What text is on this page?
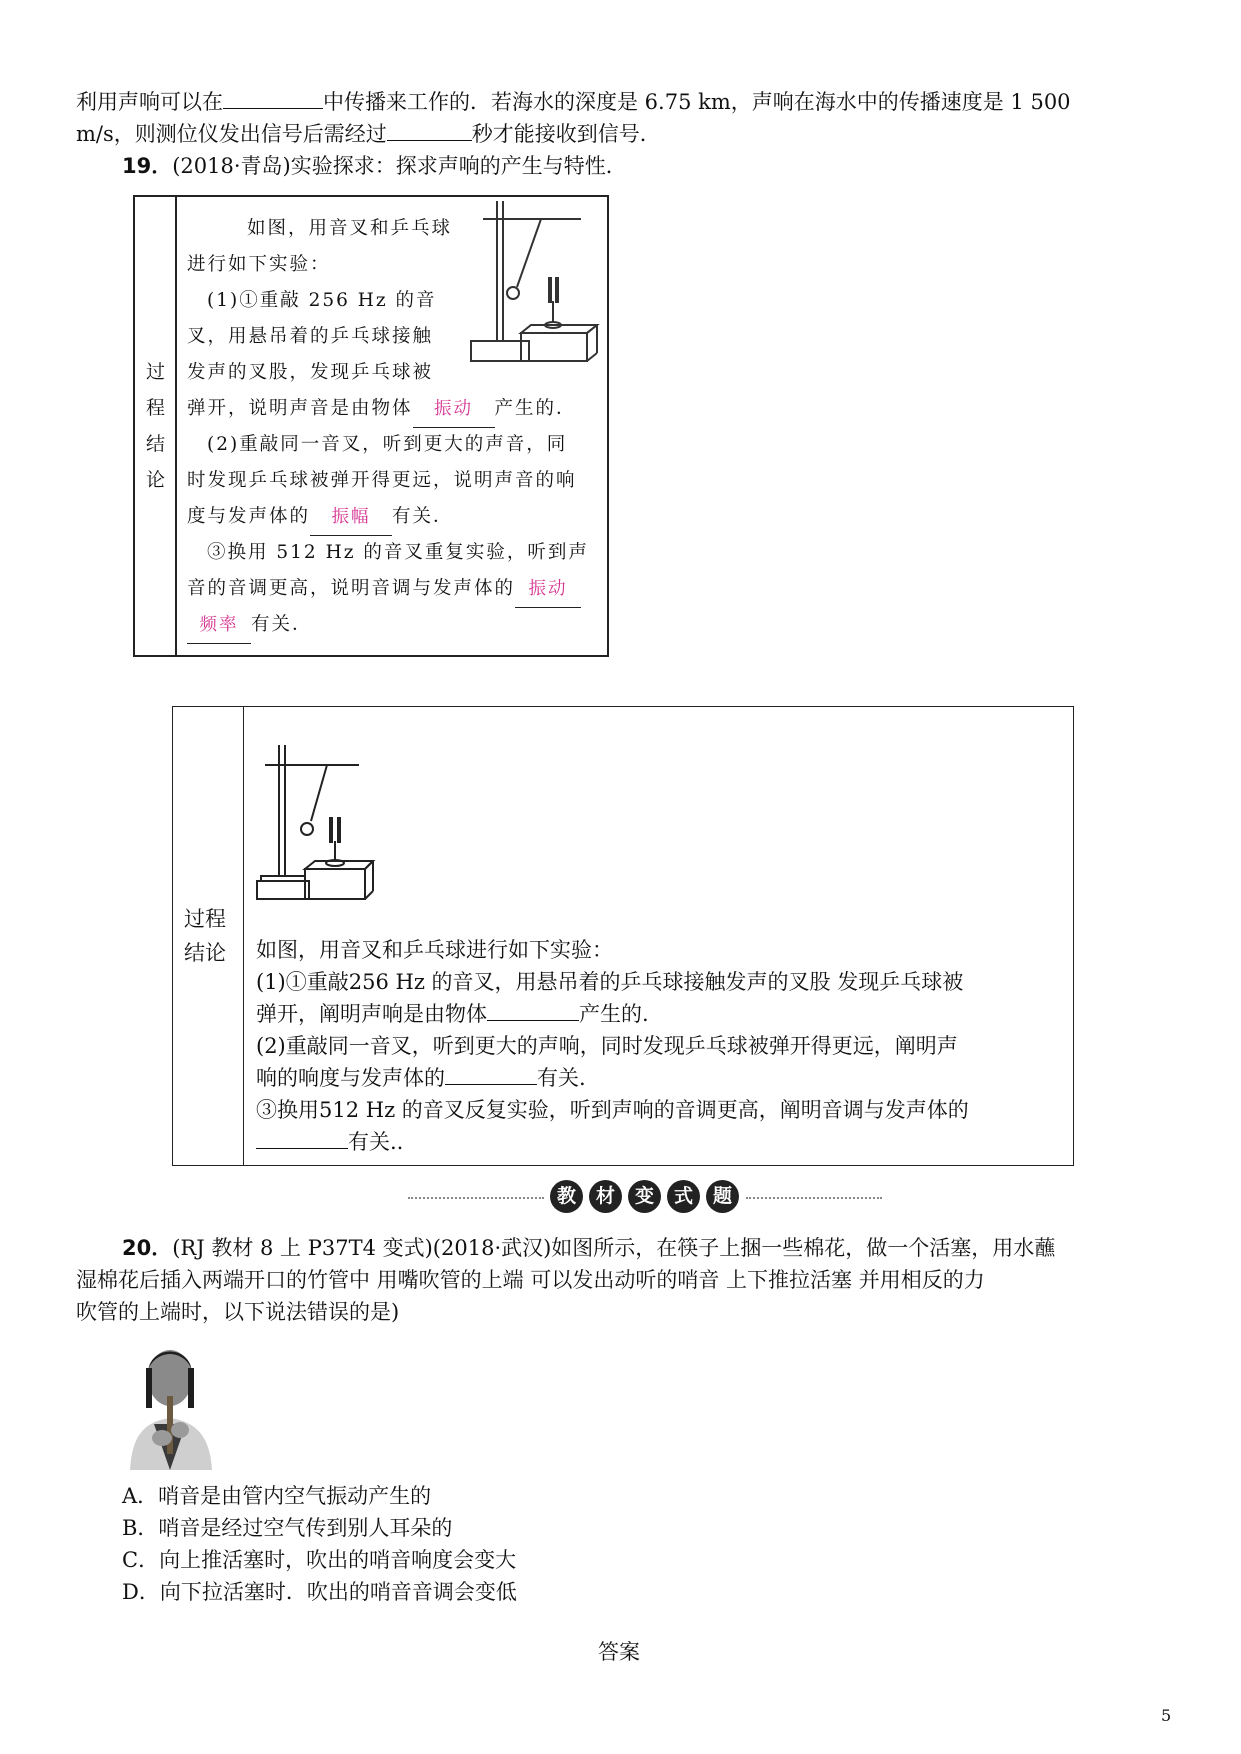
利用声响可以在	中传播来工作的．若海水的深度是 6.75 km，声响在海水中的传播速度是 1 500
m/s，则测位仪发出信号后需经过	秒才能接收到信号．
19．(2018·青岛)实验探求：探求声响的产生与特性．
过
程
结
论
如图，用音叉和乒乓球
进行如下实验：
(1)①重敲 256 Hz 的音
叉，用悬吊着的乒乓球接触
发声的叉股，发现乒乓球被
弹开，说明声音是由物体 振动 产生的．
(2)重敲同一音叉，听到更大的声音，同
时发现乒乓球被弹开得更远，说明声音的响
度与发声体的 振幅 有关．
③换用 512 Hz 的音叉重复实验，听到声
音的音调更高，说明音调与发声体的 振动
频率 有关．
过程
结论 如图，用音叉和乒乓球进行如下实验：
(1)①重敲256 Hz 的音叉，用悬吊着的乒乓球接触发声的叉股 发现乒乓球被
弹开，阐明声响是由物体	产生的.
(2)重敲同一音叉，听到更大的声响，同时发现乒乓球被弹开得更远，阐明声
响的响度与发声体的	有关.
③换用512 Hz 的音叉反复实验，听到声响的音调更高，阐明音调与发声体的
有关..
教	材	变	式	题
20．(RJ 教材 8 上 P37T4 变式)(2018·武汉)如图所示，在筷子上捆一些棉花，做一个活塞，用水蘸
湿棉花后插入两端开口的竹管中 用嘴吹管的上端 可以发出动听的哨音 上下推拉活塞 并用相反的力
吹管的上端时，以下说法错误的是)
A．哨音是由管内空气振动产生的
B．哨音是经过空气传到别人耳朵的
C．向上推活塞时，吹出的哨音响度会变大
D．向下拉活塞时．吹出的哨音音调会变低
答案
5
